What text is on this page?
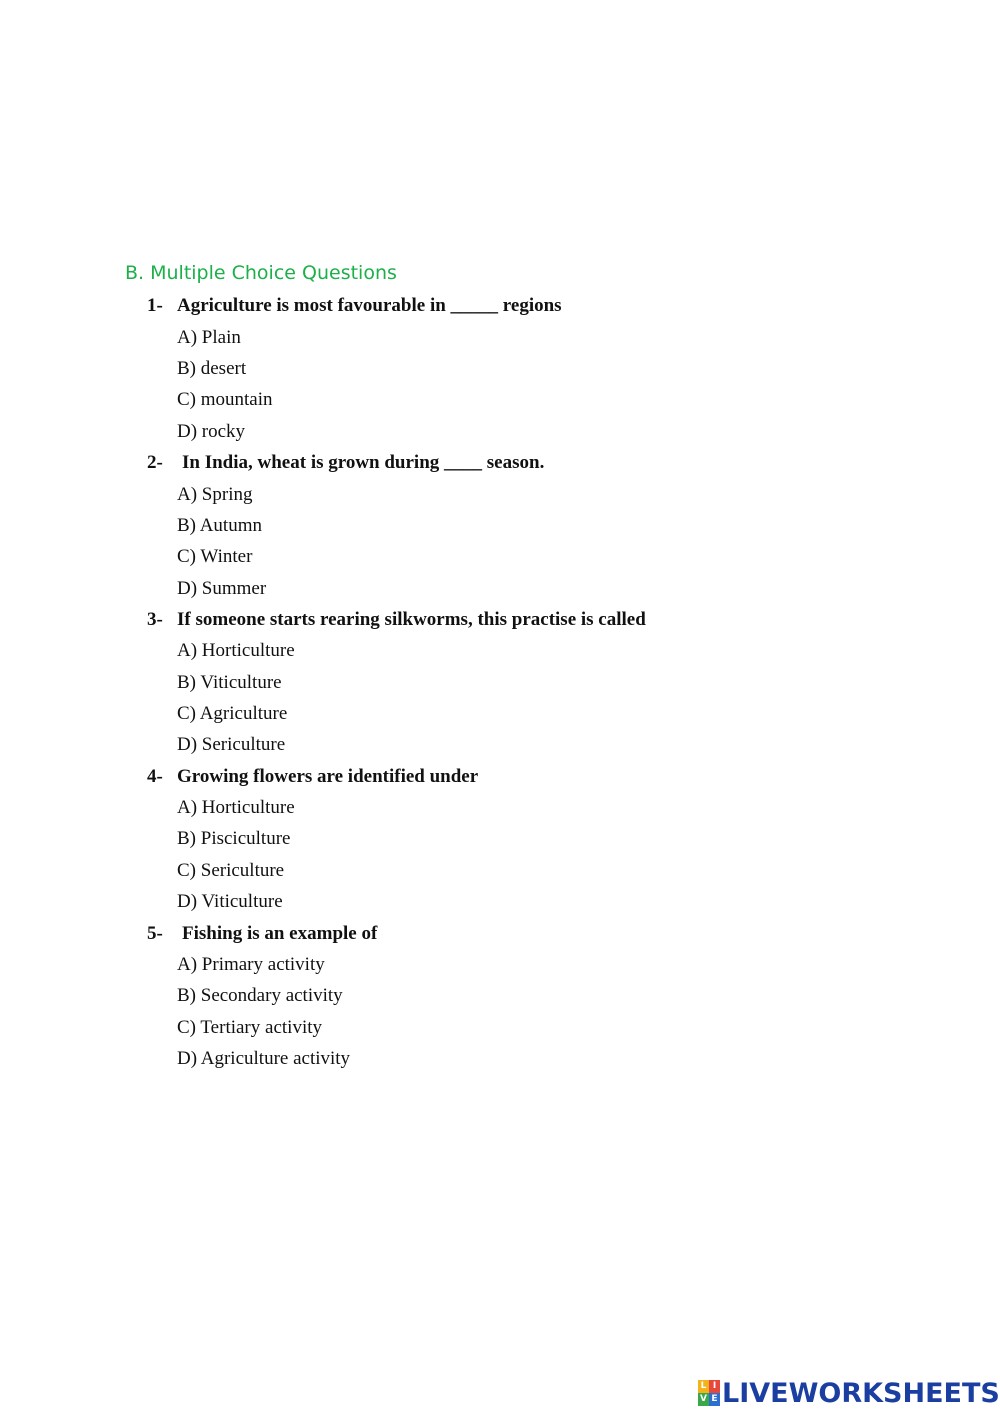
B. Multiple Choice Questions
1- Agriculture is most favourable in _____ regions
A) Plain
B) desert
C) mountain
D) rocky
2- In India, wheat is grown during ____ season.
A) Spring
B) Autumn
C) Winter
D) Summer
3- If someone starts rearing silkworms, this practise is called
A) Horticulture
B) Viticulture
C) Agriculture
D) Sericulture
4- Growing flowers are identified under
A) Horticulture
B) Pisciculture
C) Sericulture
D) Viticulture
5- Fishing is an example of
A) Primary activity
B) Secondary activity
C) Tertiary activity
D) Agriculture activity
L I
V E LIVEWORKSHEETS
